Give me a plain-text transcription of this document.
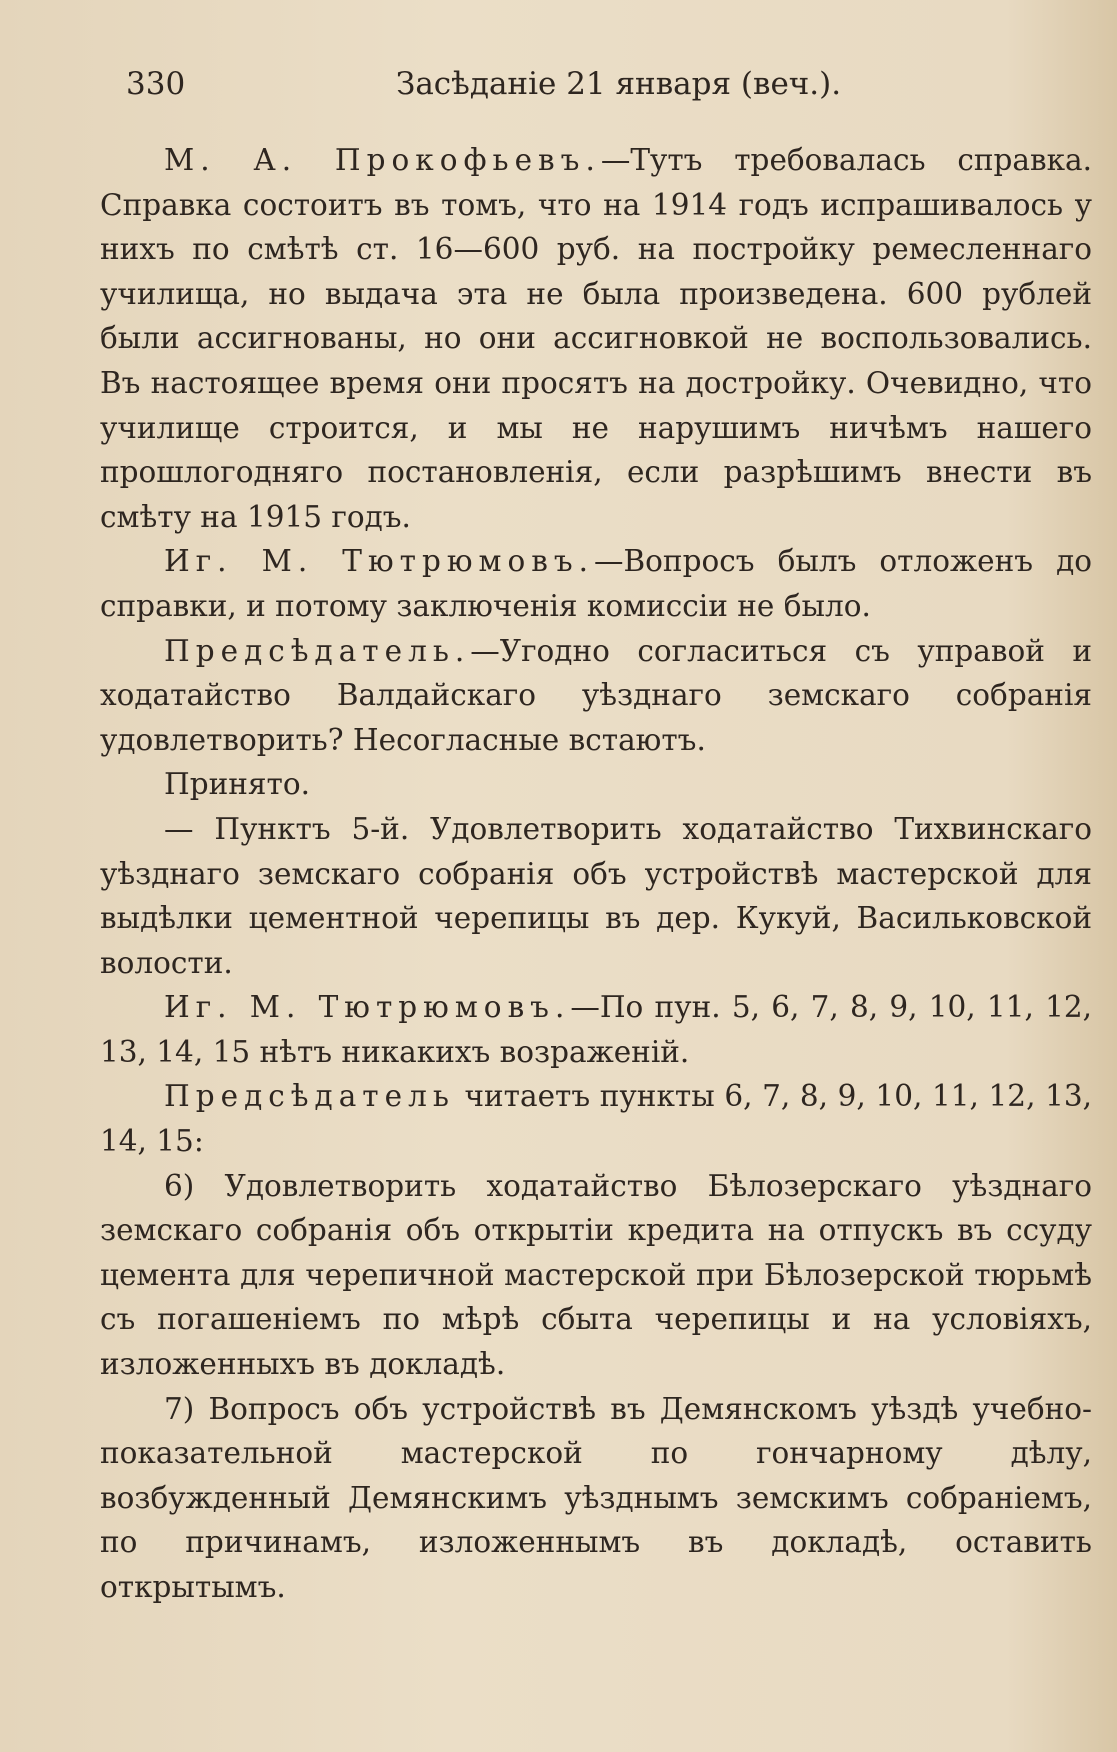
330	Засѣданіе 21 января (веч.).

М. А. Прокофьевъ.—Тутъ требовалась справка. Справка состоитъ въ томъ, что на 1914 годъ испрашивалось у нихъ по смѣтѣ ст. 16—600 руб. на постройку ремесленнаго училища, но выдача эта не была произведена. 600 рублей были ассигнованы, но они ассигновкой не воспользовались. Въ настоящее время они просятъ на достройку. Очевидно, что училище строится, и мы не нарушимъ ничѣмъ нашего прошлогодняго постановленія, если разрѣшимъ внести въ смѣту на 1915 годъ.

Иг. М. Тютрюмовъ.—Вопросъ былъ отложенъ до справки, и потому заключенія комиссіи не было.

Предсѣдатель.—Угодно согласиться съ управой и ходатайство Валдайскаго уѣзднаго земскаго собранія удовлетворить? Несогласные встаютъ.

Принято.

— Пунктъ 5-й. Удовлетворить ходатайство Тихвинскаго уѣзднаго земскаго собранія объ устройствѣ мастерской для выдѣлки цементной черепицы въ дер. Кукуй, Васильковской волости.

Иг. М. Тютрюмовъ.—По пун. 5, 6, 7, 8, 9, 10, 11, 12, 13, 14, 15 нѣтъ никакихъ возраженій.

Предсѣдатель читаетъ пункты 6, 7, 8, 9, 10, 11, 12, 13, 14, 15:

6) Удовлетворить ходатайство Бѣлозерскаго уѣзднаго земскаго собранія объ открытіи кредита на отпускъ въ ссуду цемента для черепичной мастерской при Бѣлозерской тюрьмѣ съ погашеніемъ по мѣрѣ сбыта черепицы и на условіяхъ, изложенныхъ въ докладѣ.

7) Вопросъ объ устройствѣ въ Демянскомъ уѣздѣ учебно-показательной мастерской по гончарному дѣлу, возбужденный Демянскимъ уѣзднымъ земскимъ собраніемъ, по причинамъ, изложеннымъ въ докладѣ, оставить открытымъ.
